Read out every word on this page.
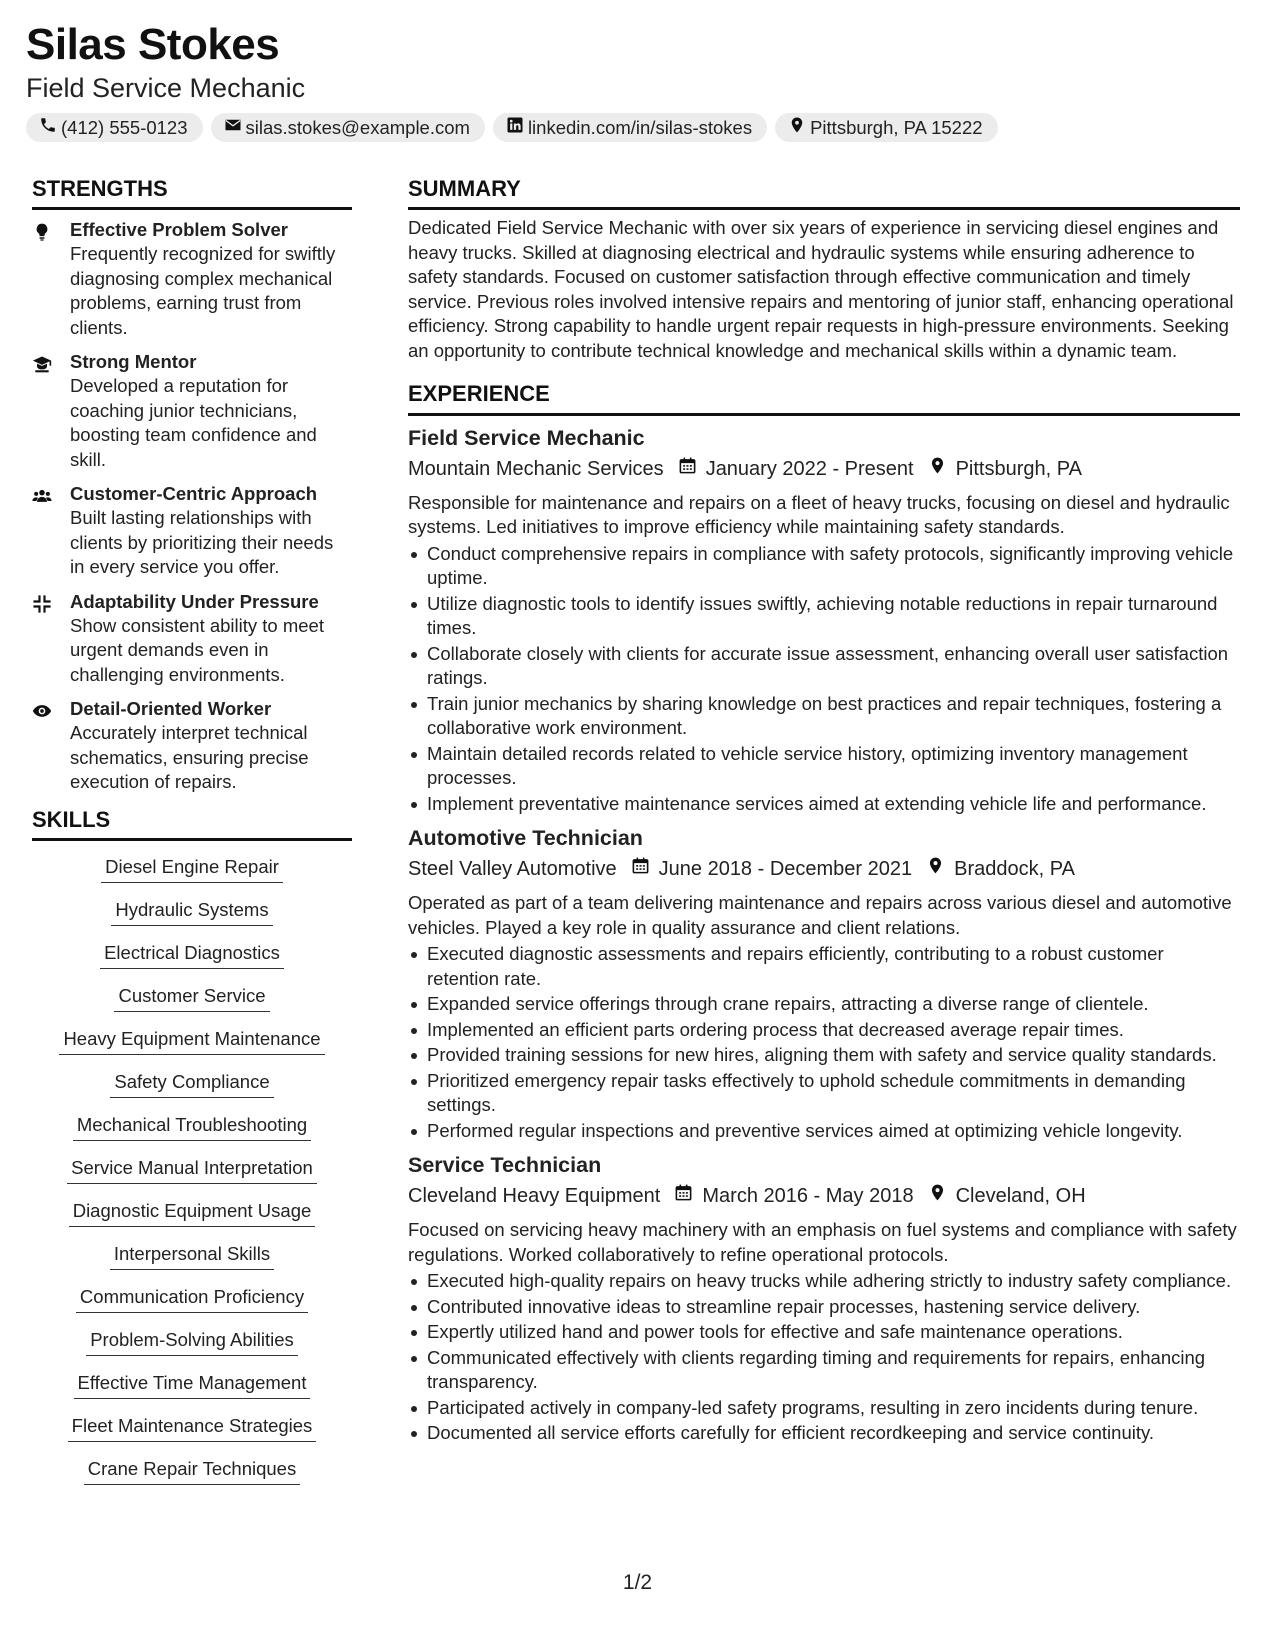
Silas Stokes
Field Service Mechanic
(412) 555-0123	silas.stokes@example.com	linkedin.com/in/silas-stokes	Pittsburgh, PA 15222
STRENGTHS
Effective Problem Solver
Frequently recognized for swiftly diagnosing complex mechanical problems, earning trust from clients.
Strong Mentor
Developed a reputation for coaching junior technicians, boosting team confidence and skill.
Customer-Centric Approach
Built lasting relationships with clients by prioritizing their needs in every service you offer.
Adaptability Under Pressure
Show consistent ability to meet urgent demands even in challenging environments.
Detail-Oriented Worker
Accurately interpret technical schematics, ensuring precise execution of repairs.
SKILLS
Diesel Engine Repair
Hydraulic Systems
Electrical Diagnostics
Customer Service
Heavy Equipment Maintenance
Safety Compliance
Mechanical Troubleshooting
Service Manual Interpretation
Diagnostic Equipment Usage
Interpersonal Skills
Communication Proficiency
Problem-Solving Abilities
Effective Time Management
Fleet Maintenance Strategies
Crane Repair Techniques
SUMMARY
Dedicated Field Service Mechanic with over six years of experience in servicing diesel engines and heavy trucks. Skilled at diagnosing electrical and hydraulic systems while ensuring adherence to safety standards. Focused on customer satisfaction through effective communication and timely service. Previous roles involved intensive repairs and mentoring of junior staff, enhancing operational efficiency. Strong capability to handle urgent repair requests in high-pressure environments. Seeking an opportunity to contribute technical knowledge and mechanical skills within a dynamic team.
EXPERIENCE
Field Service Mechanic
Mountain Mechanic Services January 2022 - Present Pittsburgh, PA
Responsible for maintenance and repairs on a fleet of heavy trucks, focusing on diesel and hydraulic systems. Led initiatives to improve efficiency while maintaining safety standards.
Conduct comprehensive repairs in compliance with safety protocols, significantly improving vehicle uptime.
Utilize diagnostic tools to identify issues swiftly, achieving notable reductions in repair turnaround times.
Collaborate closely with clients for accurate issue assessment, enhancing overall user satisfaction ratings.
Train junior mechanics by sharing knowledge on best practices and repair techniques, fostering a collaborative work environment.
Maintain detailed records related to vehicle service history, optimizing inventory management processes.
Implement preventative maintenance services aimed at extending vehicle life and performance.
Automotive Technician
Steel Valley Automotive June 2018 - December 2021 Braddock, PA
Operated as part of a team delivering maintenance and repairs across various diesel and automotive vehicles. Played a key role in quality assurance and client relations.
Executed diagnostic assessments and repairs efficiently, contributing to a robust customer retention rate.
Expanded service offerings through crane repairs, attracting a diverse range of clientele.
Implemented an efficient parts ordering process that decreased average repair times.
Provided training sessions for new hires, aligning them with safety and service quality standards.
Prioritized emergency repair tasks effectively to uphold schedule commitments in demanding settings.
Performed regular inspections and preventive services aimed at optimizing vehicle longevity.
Service Technician
Cleveland Heavy Equipment March 2016 - May 2018 Cleveland, OH
Focused on servicing heavy machinery with an emphasis on fuel systems and compliance with safety regulations. Worked collaboratively to refine operational protocols.
Executed high-quality repairs on heavy trucks while adhering strictly to industry safety compliance.
Contributed innovative ideas to streamline repair processes, hastening service delivery.
Expertly utilized hand and power tools for effective and safe maintenance operations.
Communicated effectively with clients regarding timing and requirements for repairs, enhancing transparency.
Participated actively in company-led safety programs, resulting in zero incidents during tenure.
Documented all service efforts carefully for efficient recordkeeping and service continuity.
1/2
